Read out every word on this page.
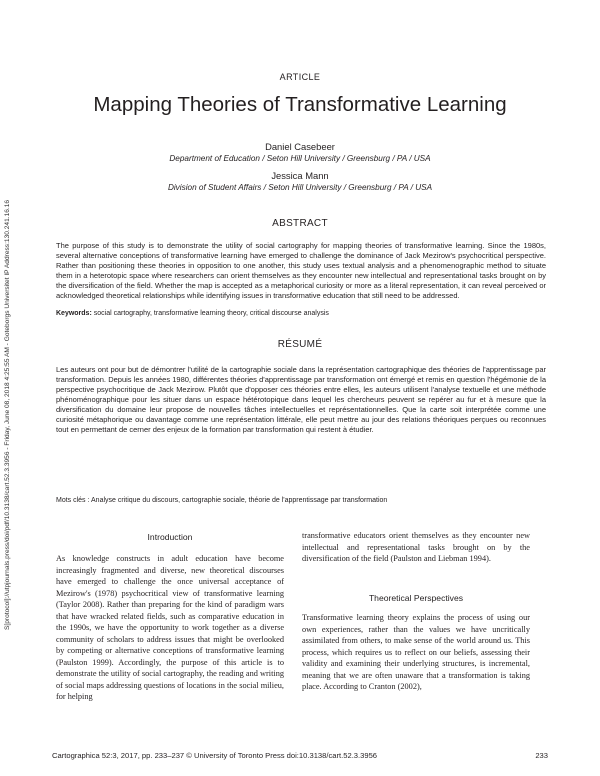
S[protocol]://utpjournals.press/doi/pdf/10.3138/cart.52.3.3956 - Friday, June 08, 2018 4:25:55 AM - Goteborgs Universitet IP Address:130.241.16.16
ARTICLE
Mapping Theories of Transformative Learning
Daniel Casebeer
Department of Education / Seton Hill University / Greensburg / PA / USA
Jessica Mann
Division of Student Affairs / Seton Hill University / Greensburg / PA / USA
ABSTRACT
The purpose of this study is to demonstrate the utility of social cartography for mapping theories of transformative learning. Since the 1980s, several alternative conceptions of transformative learning have emerged to challenge the dominance of Jack Mezirow's psychocritical perspective. Rather than positioning these theories in opposition to one another, this study uses textual analysis and a phenomenographic method to situate them in a heterotopic space where researchers can orient themselves as they encounter new intellectual and representational tasks brought on by the diversification of the field. Whether the map is accepted as a metaphorical curiosity or more as a literal representation, it can reveal perceived or acknowledged theoretical relationships while identifying issues in transformative education that still need to be addressed.
Keywords: social cartography, transformative learning theory, critical discourse analysis
RÉSUMÉ
Les auteurs ont pour but de démontrer l'utilité de la cartographie sociale dans la représentation cartographique des théories de l'apprentissage par transformation. Depuis les années 1980, différentes théories d'apprentissage par transformation ont émergé et remis en question l'hégémonie de la perspective psychocritique de Jack Mezirow. Plutôt que d'opposer ces théories entre elles, les auteurs utilisent l'analyse textuelle et une méthode phénoménographique pour les situer dans un espace hétérotopique dans lequel les chercheurs peuvent se repérer au fur et à mesure que la diversification du domaine leur propose de nouvelles tâches intellectuelles et représentationnelles. Que la carte soit interprétée comme une curiosité métaphorique ou davantage comme une représentation littérale, elle peut mettre au jour des relations théoriques perçues ou reconnues tout en permettant de cerner des enjeux de la formation par transformation qui restent à étudier.
Mots clés : Analyse critique du discours, cartographie sociale, théorie de l'apprentissage par transformation
Introduction
As knowledge constructs in adult education have become increasingly fragmented and diverse, new theoretical discourses have emerged to challenge the once universal acceptance of Mezirow's (1978) psychocritical view of transformative learning (Taylor 2008). Rather than preparing for the kind of paradigm wars that have wracked related fields, such as comparative education in the 1990s, we have the opportunity to work together as a diverse community of scholars to address issues that might be overlooked by competing or alternative conceptions of transformative learning (Paulston 1999). Accordingly, the purpose of this article is to demonstrate the utility of social cartography, the reading and writing of social maps addressing questions of locations in the social milieu, for helping
transformative educators orient themselves as they encounter new intellectual and representational tasks brought on by the diversification of the field (Paulston and Liebman 1994).
Theoretical Perspectives
Transformative learning theory explains the process of using our own experiences, rather than the values we have uncritically assimilated from others, to make sense of the world around us. This process, which requires us to reflect on our beliefs, assessing their validity and examining their underlying structures, is incremental, meaning that we are often unaware that a transformation is taking place. According to Cranton (2002),
Cartographica 52:3, 2017, pp. 233–237 © University of Toronto Press doi:10.3138/cart.52.3.3956	233
